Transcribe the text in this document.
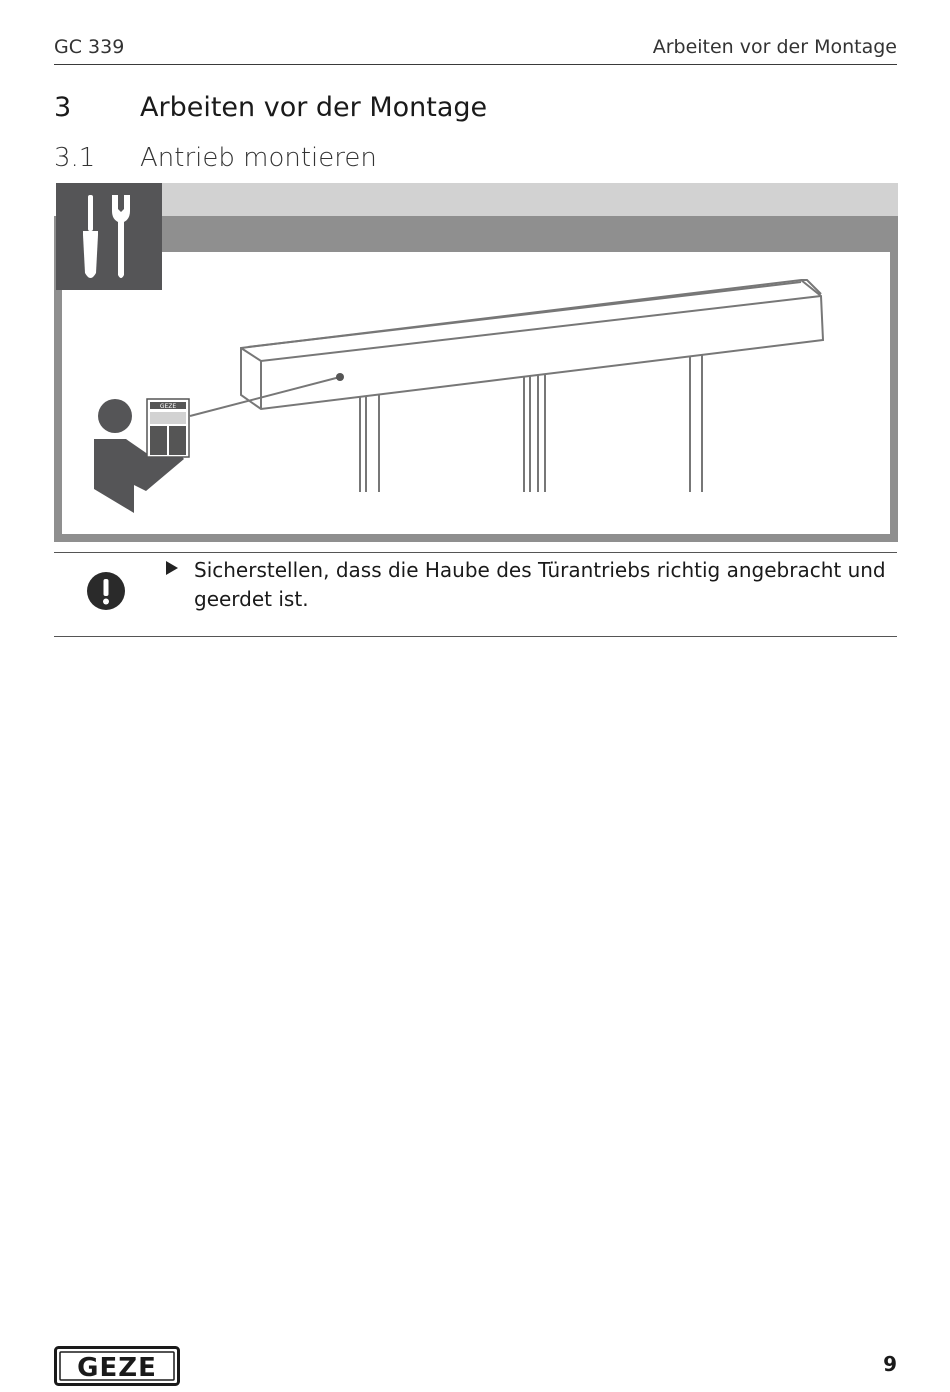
GC 339	Arbeiten vor der Montage
3	Arbeiten vor der Montage
3.1 Antrieb montieren
GEZE
Sicherstellen, dass die Haube des Türantriebs richtig angebracht und geerdet ist.
GEZE	9
